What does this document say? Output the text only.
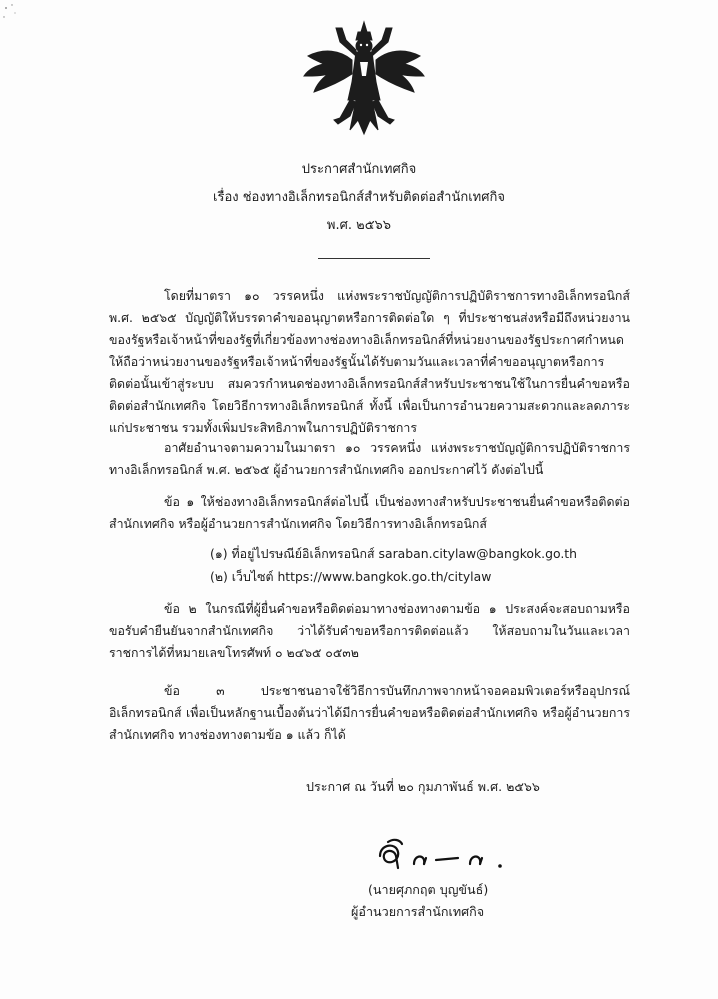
ประกาศสำนักเทศกิจ
เรื่อง ช่องทางอิเล็กทรอนิกส์สำหรับติดต่อสำนักเทศกิจ
พ.ศ. ๒๕๖๖

โดยที่มาตรา ๑๐ วรรคหนึ่ง แห่งพระราชบัญญัติการปฏิบัติราชการทางอิเล็กทรอนิกส์ พ.ศ. ๒๕๖๕ บัญญัติให้บรรดาคำขออนุญาตหรือการติดต่อใด ๆ ที่ประชาชนส่งหรือมีถึงหน่วยงานของรัฐหรือเจ้าหน้าที่ของรัฐที่เกี่ยวข้องทางช่องทางอิเล็กทรอนิกส์ที่หน่วยงานของรัฐประกาศกำหนดให้ถือว่าหน่วยงานของรัฐหรือเจ้าหน้าที่ของรัฐนั้นได้รับตามวันและเวลาที่คำขออนุญาตหรือการติดต่อนั้นเข้าสู่ระบบ สมควรกำหนดช่องทางอิเล็กทรอนิกส์สำหรับประชาชนใช้ในการยื่นคำขอหรือติดต่อสำนักเทศกิจ โดยวิธีการทางอิเล็กทรอนิกส์ ทั้งนี้ เพื่อเป็นการอำนวยความสะดวกและลดภาระแก่ประชาชน รวมทั้งเพิ่มประสิทธิภาพในการปฏิบัติราชการ

อาศัยอำนาจตามความในมาตรา ๑๐ วรรคหนึ่ง แห่งพระราชบัญญัติการปฏิบัติราชการทางอิเล็กทรอนิกส์ พ.ศ. ๒๕๖๕ ผู้อำนวยการสำนักเทศกิจ ออกประกาศไว้ ดังต่อไปนี้

ข้อ ๑ ให้ช่องทางอิเล็กทรอนิกส์ต่อไปนี้ เป็นช่องทางสำหรับประชาชนยื่นคำขอหรือติดต่อสำนักเทศกิจ หรือผู้อำนวยการสำนักเทศกิจ โดยวิธีการทางอิเล็กทรอนิกส์

(๑) ที่อยู่ไปรษณีย์อิเล็กทรอนิกส์ saraban.citylaw@bangkok.go.th
(๒) เว็บไซต์ https://www.bangkok.go.th/citylaw

ข้อ ๒ ในกรณีที่ผู้ยื่นคำขอหรือติดต่อมาทางช่องทางตามข้อ ๑ ประสงค์จะสอบถามหรือขอรับคำยืนยันจากสำนักเทศกิจ ว่าได้รับคำขอหรือการติดต่อแล้ว ให้สอบถามในวันและเวลาราชการได้ที่หมายเลขโทรศัพท์ ๐ ๒๔๖๕ ๐๕๓๒

ข้อ ๓ ประชาชนอาจใช้วิธีการบันทึกภาพจากหน้าจอคอมพิวเตอร์หรืออุปกรณ์อิเล็กทรอนิกส์ เพื่อเป็นหลักฐานเบื้องต้นว่าได้มีการยื่นคำขอหรือติดต่อสำนักเทศกิจ หรือผู้อำนวยการสำนักเทศกิจ ทางช่องทางตามข้อ ๑ แล้ว ก็ได้

ประกาศ ณ วันที่ ๒๐ กุมภาพันธ์ พ.ศ. ๒๕๖๖
(นายศุภกฤต บุญขันธ์)
ผู้อำนวยการสำนักเทศกิจ
